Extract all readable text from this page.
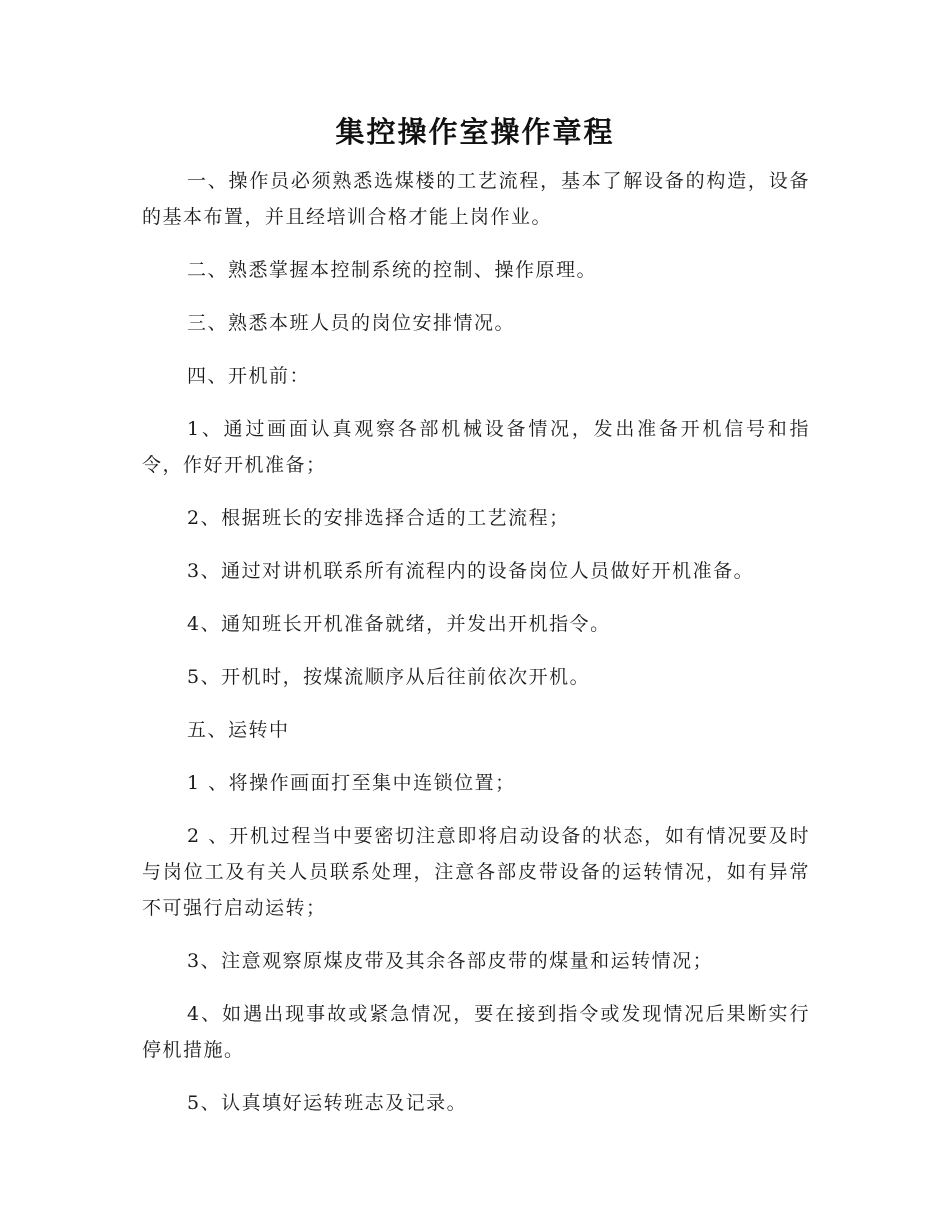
集控操作室操作章程

一、操作员必须熟悉选煤楼的工艺流程，基本了解设备的构造，设备的基本布置，并且经培训合格才能上岗作业。

二、熟悉掌握本控制系统的控制、操作原理。

三、熟悉本班人员的岗位安排情况。

四、开机前：

1、通过画面认真观察各部机械设备情况，发出准备开机信号和指令，作好开机准备；

2、根据班长的安排选择合适的工艺流程；

3、通过对讲机联系所有流程内的设备岗位人员做好开机准备。

4、通知班长开机准备就绪，并发出开机指令。

5、开机时，按煤流顺序从后往前依次开机。

五、运转中

1 、将操作画面打至集中连锁位置；

2 、开机过程当中要密切注意即将启动设备的状态，如有情况要及时与岗位工及有关人员联系处理，注意各部皮带设备的运转情况，如有异常不可强行启动运转；

3、注意观察原煤皮带及其余各部皮带的煤量和运转情况；

4、如遇出现事故或紧急情况，要在接到指令或发现情况后果断实行停机措施。

5、认真填好运转班志及记录。
